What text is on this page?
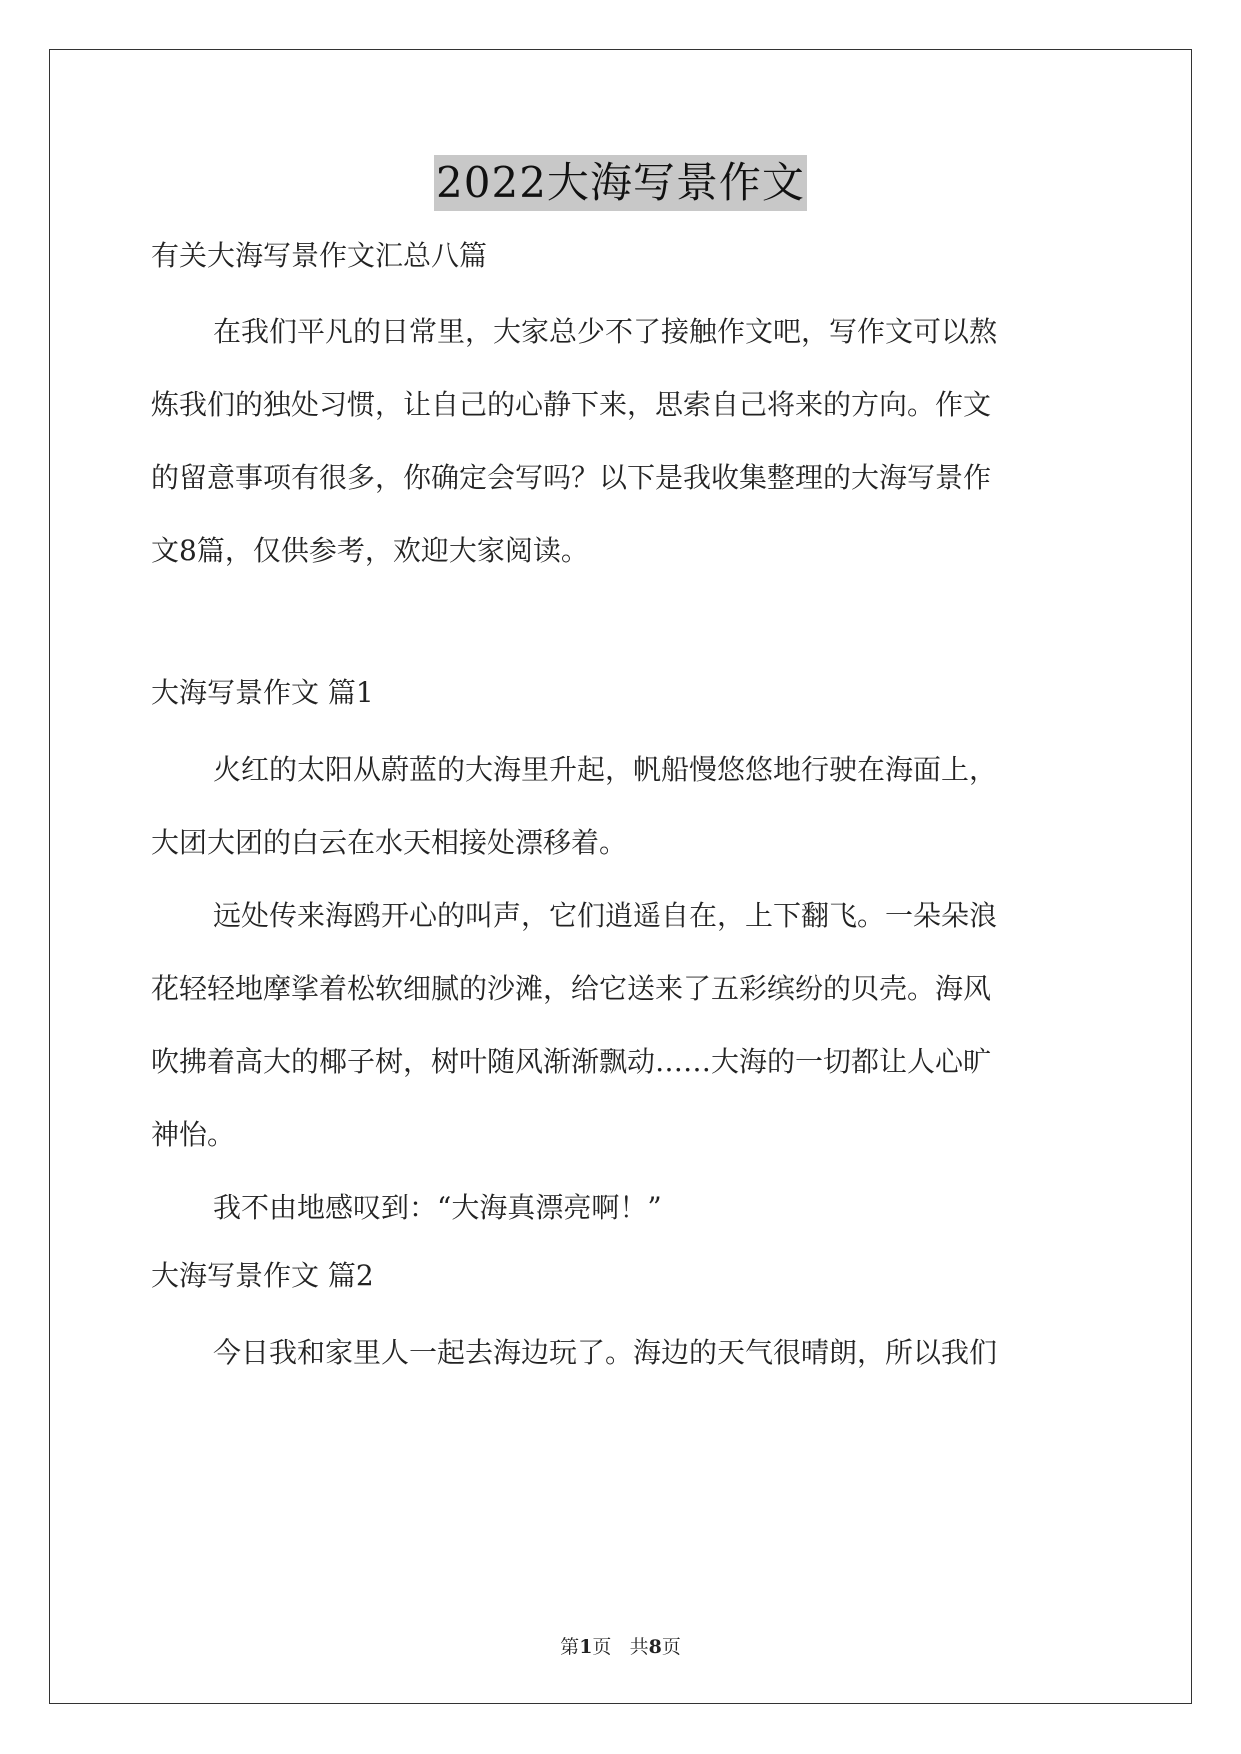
2022大海写景作文
有关大海写景作文汇总八篇
在我们平凡的日常里，大家总少不了接触作文吧，写作文可以熬
炼我们的独处习惯，让自己的心静下来，思索自己将来的方向。作文
的留意事项有很多，你确定会写吗？以下是我收集整理的大海写景作
文8篇，仅供参考，欢迎大家阅读。
大海写景作文 篇1
火红的太阳从蔚蓝的大海里升起，帆船慢悠悠地行驶在海面上，
大团大团的白云在水天相接处漂移着。
远处传来海鸥开心的叫声，它们逍遥自在，上下翻飞。一朵朵浪
花轻轻地摩挲着松软细腻的沙滩，给它送来了五彩缤纷的贝壳。海风
吹拂着高大的椰子树，树叶随风渐渐飘动……大海的一切都让人心旷
神怡。
我不由地感叹到：“大海真漂亮啊！”
大海写景作文 篇2
今日我和家里人一起去海边玩了。海边的天气很晴朗，所以我们
第1页 共8页
